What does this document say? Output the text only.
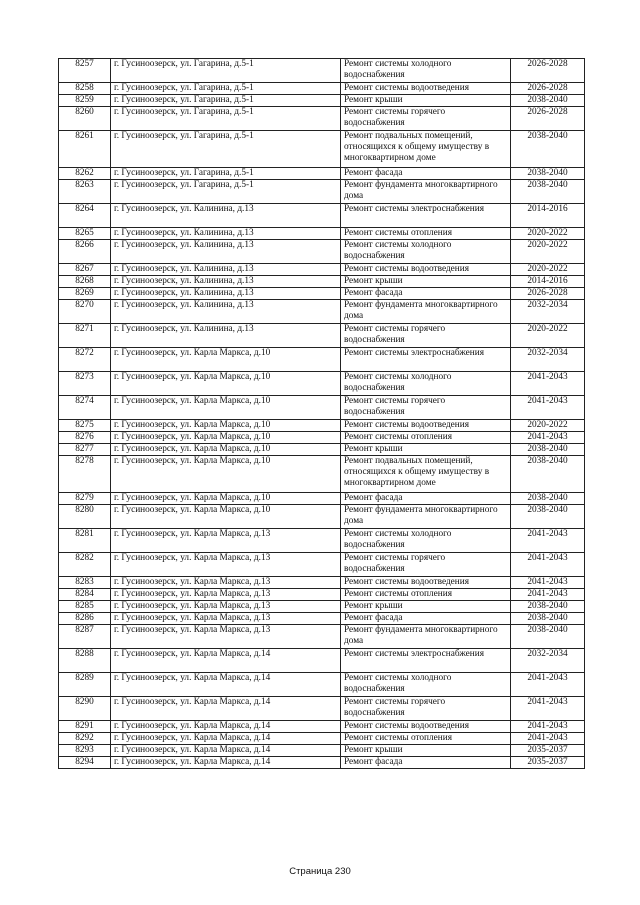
8257	г. Гусиноозерск, ул. Гагарина, д.5-1	Ремонт системы холодного
водоснабжения	2026-2028
8258	г. Гусиноозерск, ул. Гагарина, д.5-1	Ремонт системы водоотведения	2026-2028
8259	г. Гусиноозерск, ул. Гагарина, д.5-1	Ремонт крыши	2038-2040
8260	г. Гусиноозерск, ул. Гагарина, д.5-1	Ремонт системы горячего
водоснабжения	2026-2028
8261	г. Гусиноозерск, ул. Гагарина, д.5-1	Ремонт подвальных помещений,
относящихся к общему имуществу в
многоквартирном доме	2038-2040
8262	г. Гусиноозерск, ул. Гагарина, д.5-1	Ремонт фасада	2038-2040
8263	г. Гусиноозерск, ул. Гагарина, д.5-1	Ремонт фундамента многоквартирного
дома	2038-2040
8264	г. Гусиноозерск, ул. Калинина, д.13	Ремонт системы электроснабжения	2014-2016
8265	г. Гусиноозерск, ул. Калинина, д.13	Ремонт системы отопления	2020-2022
8266	г. Гусиноозерск, ул. Калинина, д.13	Ремонт системы холодного
водоснабжения	2020-2022
8267	г. Гусиноозерск, ул. Калинина, д.13	Ремонт системы водоотведения	2020-2022
8268	г. Гусиноозерск, ул. Калинина, д.13	Ремонт крыши	2014-2016
8269	г. Гусиноозерск, ул. Калинина, д.13	Ремонт фасада	2026-2028
8270	г. Гусиноозерск, ул. Калинина, д.13	Ремонт фундамента многоквартирного
дома	2032-2034
8271	г. Гусиноозерск, ул. Калинина, д.13	Ремонт системы горячего
водоснабжения	2020-2022
8272	г. Гусиноозерск, ул. Карла Маркса, д.10	Ремонт системы электроснабжения	2032-2034
8273	г. Гусиноозерск, ул. Карла Маркса, д.10	Ремонт системы холодного
водоснабжения	2041-2043
8274	г. Гусиноозерск, ул. Карла Маркса, д.10	Ремонт системы горячего
водоснабжения	2041-2043
8275	г. Гусиноозерск, ул. Карла Маркса, д.10	Ремонт системы водоотведения	2020-2022
8276	г. Гусиноозерск, ул. Карла Маркса, д.10	Ремонт системы отопления	2041-2043
8277	г. Гусиноозерск, ул. Карла Маркса, д.10	Ремонт крыши	2038-2040
8278	г. Гусиноозерск, ул. Карла Маркса, д.10	Ремонт подвальных помещений,
относящихся к общему имуществу в
многоквартирном доме	2038-2040
8279	г. Гусиноозерск, ул. Карла Маркса, д.10	Ремонт фасада	2038-2040
8280	г. Гусиноозерск, ул. Карла Маркса, д.10	Ремонт фундамента многоквартирного
дома	2038-2040
8281	г. Гусиноозерск, ул. Карла Маркса, д.13	Ремонт системы холодного
водоснабжения	2041-2043
8282	г. Гусиноозерск, ул. Карла Маркса, д.13	Ремонт системы горячего
водоснабжения	2041-2043
8283	г. Гусиноозерск, ул. Карла Маркса, д.13	Ремонт системы водоотведения	2041-2043
8284	г. Гусиноозерск, ул. Карла Маркса, д.13	Ремонт системы отопления	2041-2043
8285	г. Гусиноозерск, ул. Карла Маркса, д.13	Ремонт крыши	2038-2040
8286	г. Гусиноозерск, ул. Карла Маркса, д.13	Ремонт фасада	2038-2040
8287	г. Гусиноозерск, ул. Карла Маркса, д.13	Ремонт фундамента многоквартирного
дома	2038-2040
8288	г. Гусиноозерск, ул. Карла Маркса, д.14	Ремонт системы электроснабжения	2032-2034
8289	г. Гусиноозерск, ул. Карла Маркса, д.14	Ремонт системы холодного
водоснабжения	2041-2043
8290	г. Гусиноозерск, ул. Карла Маркса, д.14	Ремонт системы горячего
водоснабжения	2041-2043
8291	г. Гусиноозерск, ул. Карла Маркса, д.14	Ремонт системы водоотведения	2041-2043
8292	г. Гусиноозерск, ул. Карла Маркса, д.14	Ремонт системы отопления	2041-2043
8293	г. Гусиноозерск, ул. Карла Маркса, д.14	Ремонт крыши	2035-2037
8294	г. Гусиноозерск, ул. Карла Маркса, д.14	Ремонт фасада	2035-2037
Страница 230
